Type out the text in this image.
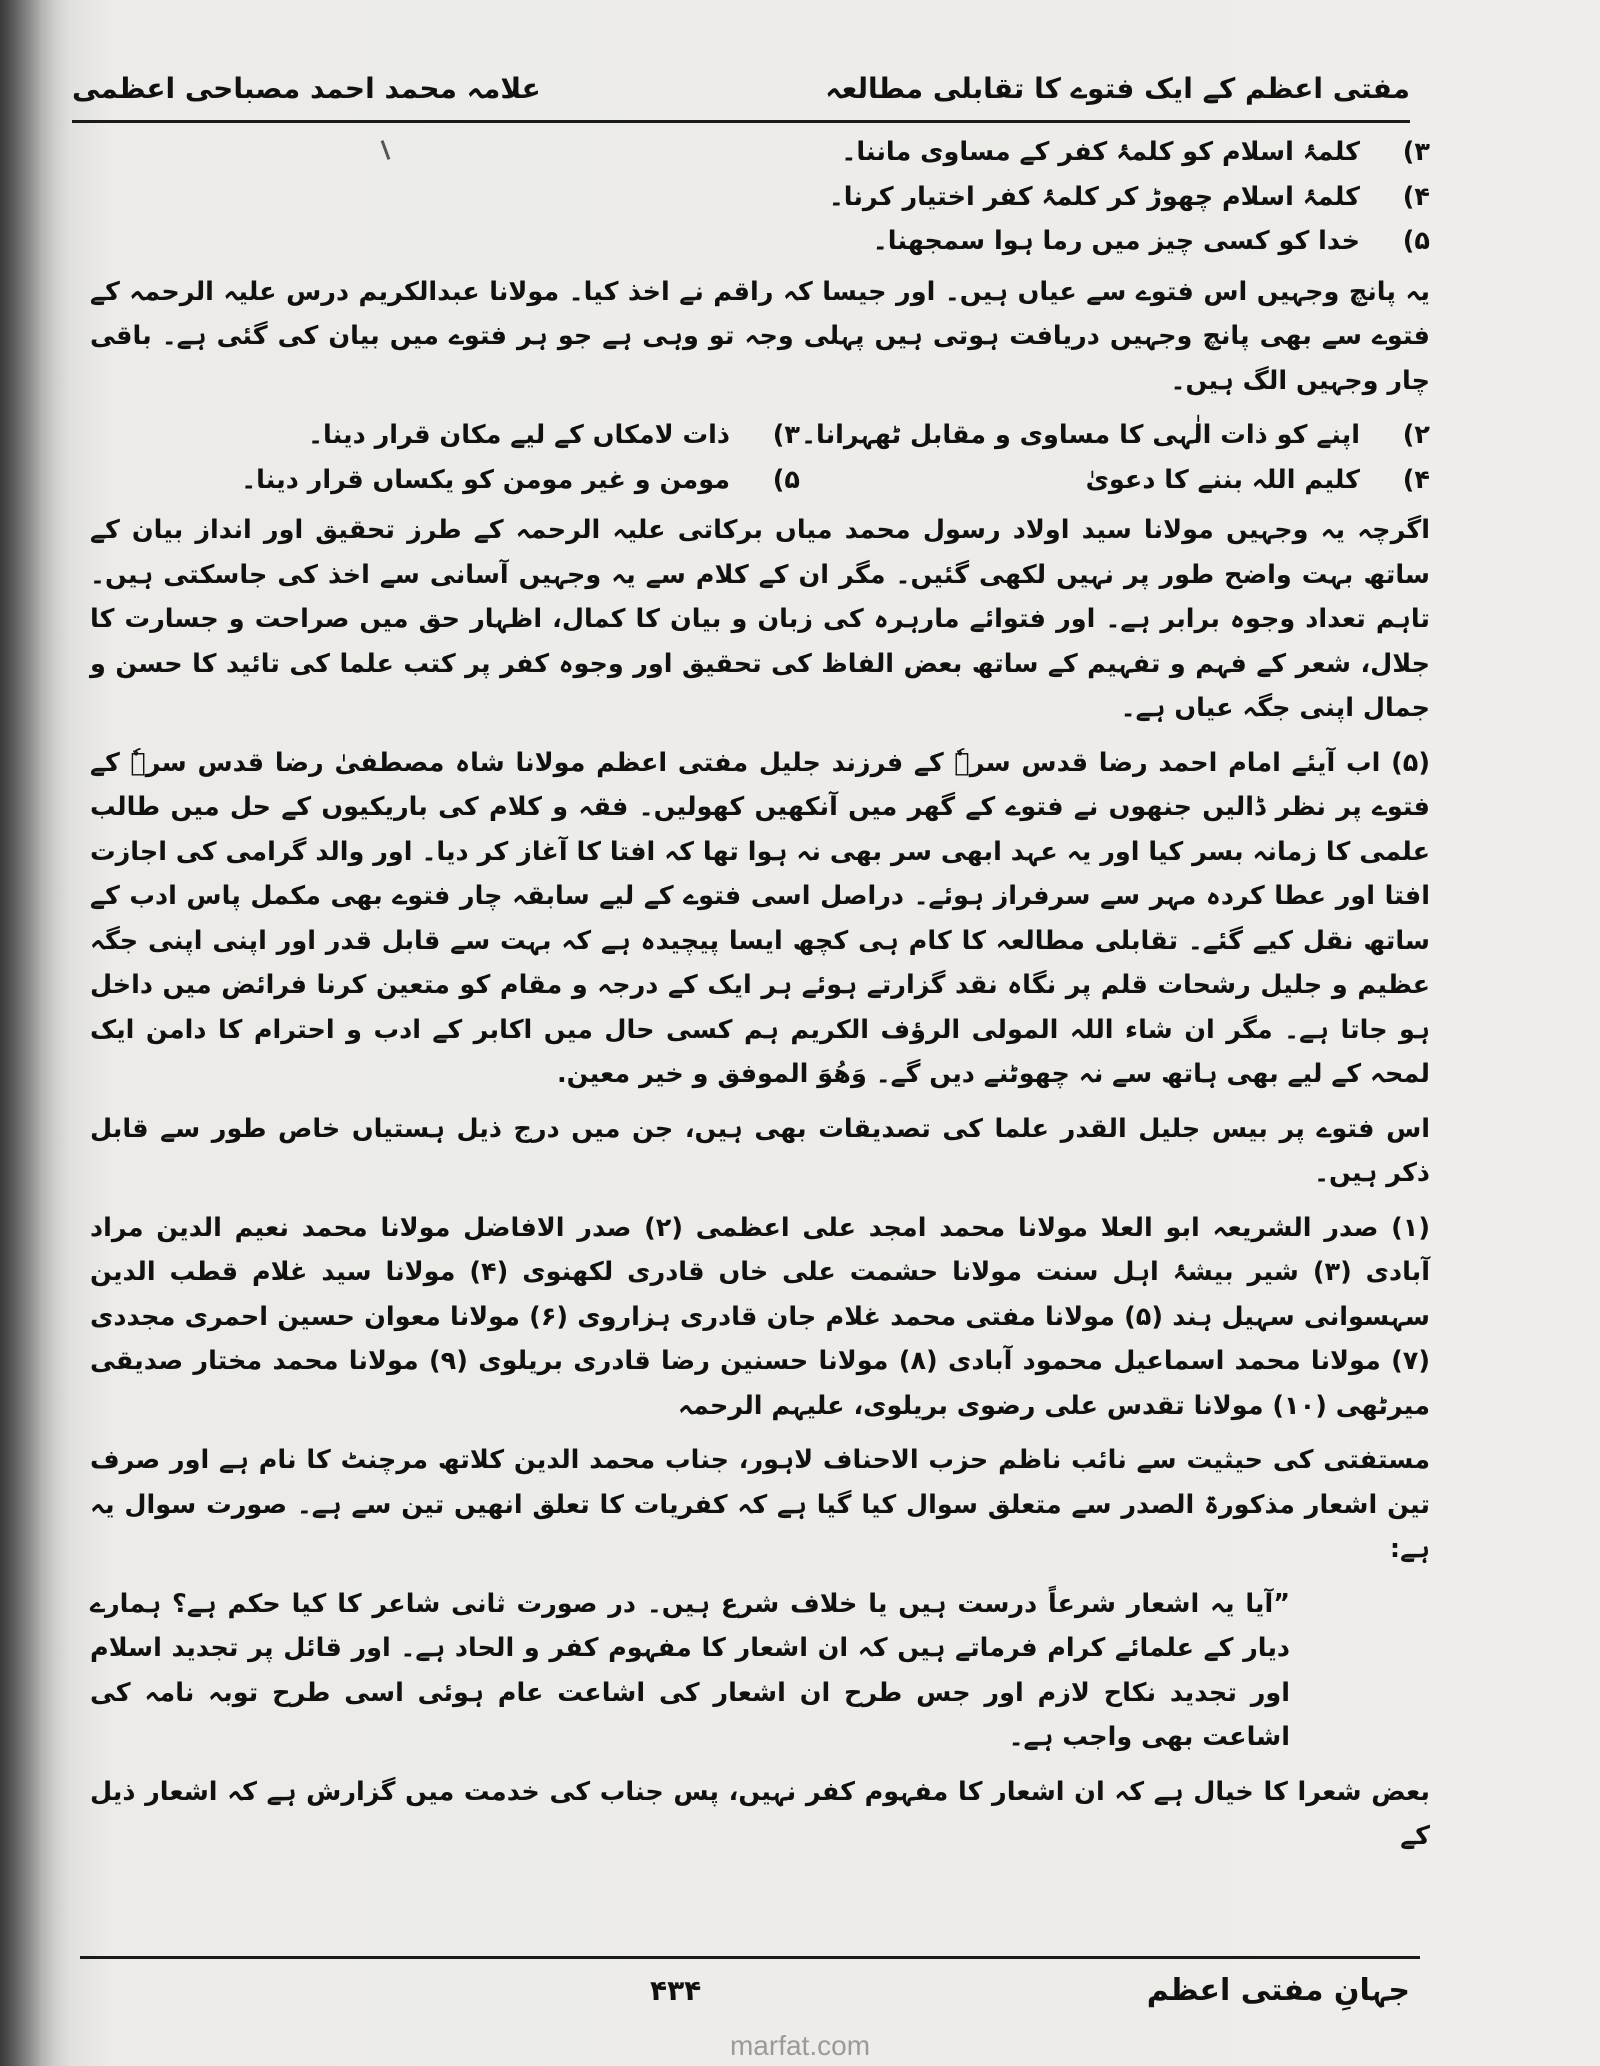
مفتی اعظم کے ایک فتوے کا تقابلی مطالعہ
علامہ محمد احمد مصباحی اعظمی
۳)
کلمۂ اسلام کو کلمۂ کفر کے مساوی ماننا۔
۴)
کلمۂ اسلام چھوڑ کر کلمۂ کفر اختیار کرنا۔
۵)
خدا کو کسی چیز میں رما ہوا سمجھنا۔

یہ پانچ وجہیں اس فتوے سے عیاں ہیں۔ اور جیسا کہ راقم نے اخذ کیا۔ مولانا عبدالکریم درس علیہ الرحمہ کے فتوے سے بھی پانچ وجہیں دریافت ہوتی ہیں پہلی وجہ تو وہی ہے جو ہر فتوے میں بیان کی گئی ہے۔ باقی چار وجہیں الگ ہیں۔

۲)
اپنے کو ذات الٰہی کا مساوی و مقابل ٹھہرانا۔
۳)
ذات لامکاں کے لیے مکان قرار دینا۔
۴)
کلیم اللہ بننے کا دعویٰ
۵)
مومن و غیر مومن کو یکساں قرار دینا۔

اگرچہ یہ وجہیں مولانا سید اولاد رسول محمد میاں برکاتی علیہ الرحمہ کے طرز تحقیق اور انداز بیان کے ساتھ بہت واضح طور پر نہیں لکھی گئیں۔ مگر ان کے کلام سے یہ وجہیں آسانی سے اخذ کی جاسکتی ہیں۔ تاہم تعداد وجوہ برابر ہے۔ اور فتوائے مارہرہ کی زبان و بیان کا کمال، اظہار حق میں صراحت و جسارت کا جلال، شعر کے فہم و تفہیم کے ساتھ بعض الفاظ کی تحقیق اور وجوہ کفر پر کتب علما کی تائید کا حسن و جمال اپنی جگہ عیاں ہے۔

(۵) اب آیئے امام احمد رضا قدس سرہٗ کے فرزند جلیل مفتی اعظم مولانا شاہ مصطفیٰ رضا قدس سرہٗ کے فتوے پر نظر ڈالیں جنھوں نے فتوے کے گھر میں آنکھیں کھولیں۔ فقہ و کلام کی باریکیوں کے حل میں طالب علمی کا زمانہ بسر کیا اور یہ عہد ابھی سر بھی نہ ہوا تھا کہ افتا کا آغاز کر دیا۔ اور والد گرامی کی اجازت افتا اور عطا کردہ مہر سے سرفراز ہوئے۔ دراصل اسی فتوے کے لیے سابقہ چار فتوے بھی مکمل پاس ادب کے ساتھ نقل کیے گئے۔ تقابلی مطالعہ کا کام ہی کچھ ایسا پیچیدہ ہے کہ بہت سے قابل قدر اور اپنی اپنی جگہ عظیم و جلیل رشحات قلم پر نگاہ نقد گزارتے ہوئے ہر ایک کے درجہ و مقام کو متعین کرنا فرائض میں داخل ہو جاتا ہے۔ مگر ان شاء اللہ المولی الرؤف الکریم ہم کسی حال میں اکابر کے ادب و احترام کا دامن ایک لمحہ کے لیے بھی ہاتھ سے نہ چھوٹنے دیں گے۔ وَھُوَ الموفق و خیر معین.

اس فتوے پر بیس جلیل القدر علما کی تصدیقات بھی ہیں، جن میں درج ذیل ہستیاں خاص طور سے قابل ذکر ہیں۔

(۱) صدر الشریعہ ابو العلا مولانا محمد امجد علی اعظمی (۲) صدر الافاضل مولانا محمد نعیم الدین مراد آبادی (۳) شیر بیشۂ اہل سنت مولانا حشمت علی خاں قادری لکھنوی (۴) مولانا سید غلام قطب الدین سہسوانی سہیل ہند (۵) مولانا مفتی محمد غلام جان قادری ہزاروی (۶) مولانا معوان حسین احمری مجددی (۷) مولانا محمد اسماعیل محمود آبادی (۸) مولانا حسنین رضا قادری بریلوی (۹) مولانا محمد مختار صدیقی میرٹھی (۱۰) مولانا تقدس علی رضوی بریلوی، علیہم الرحمہ

مستفتی کی حیثیت سے نائب ناظم حزب الاحناف لاہور، جناب محمد الدین کلاتھ مرچنٹ کا نام ہے اور صرف تین اشعار مذکورۃ الصدر سے متعلق سوال کیا گیا ہے کہ کفریات کا تعلق انھیں تین سے ہے۔ صورت سوال یہ ہے:

”آیا یہ اشعار شرعاً درست ہیں یا خلاف شرع ہیں۔ در صورت ثانی شاعر کا کیا حکم ہے؟ ہمارے دیار کے علمائے کرام فرماتے ہیں کہ ان اشعار کا مفہوم کفر و الحاد ہے۔ اور قائل پر تجدید اسلام اور تجدید نکاح لازم اور جس طرح ان اشعار کی اشاعت عام ہوئی اسی طرح توبہ نامہ کی اشاعت بھی واجب ہے۔

بعض شعرا کا خیال ہے کہ ان اشعار کا مفہوم کفر نہیں، پس جناب کی خدمت میں گزارش ہے کہ اشعار ذیل کے

جہانِ مفتی اعظم
۴۳۴
marfat.com
